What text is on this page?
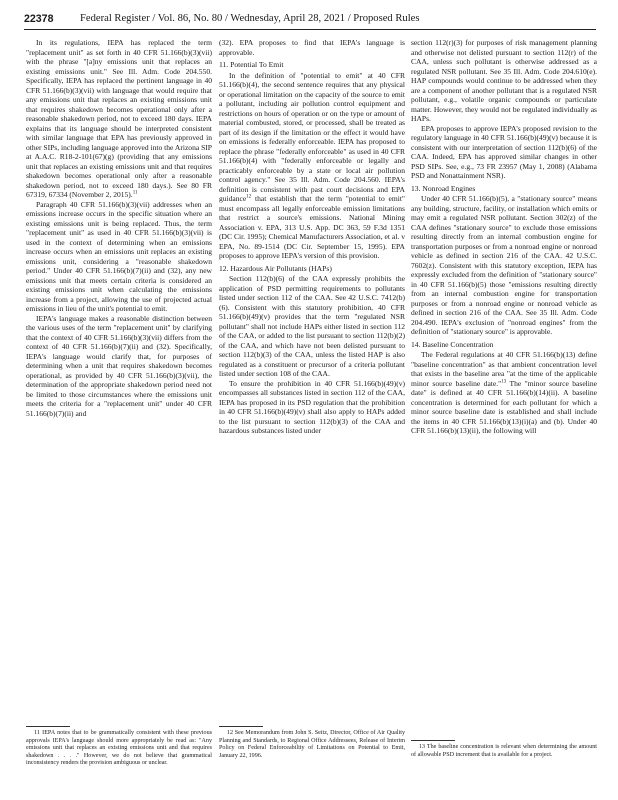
22378	Federal Register / Vol. 86, No. 80 / Wednesday, April 28, 2021 / Proposed Rules

In its regulations, IEPA has replaced the term "replacement unit" as set forth in 40 CFR 51.166(b)(3)(vii) with the phrase "[a]ny emissions unit that replaces an existing emissions unit." See Ill. Adm. Code 204.550. Specifically, IEPA has replaced the pertinent language in 40 CFR 51.166(b)(3)(vii) with language that would require that any emissions unit that replaces an existing emissions unit that requires shakedown becomes operational only after a reasonable shakedown period, not to exceed 180 days. IEPA explains that its language should be interpreted consistent with similar language that EPA has previously approved in other SIPs, including language approved into the Arizona SIP at A.A.C. R18-2-101(67)(g) (providing that any emissions unit that replaces an existing emissions unit and that requires shakedown becomes operational only after a reasonable shakedown period, not to exceed 180 days.). See 80 FR 67319, 67334 (November 2, 2015).$^{11}$

Paragraph 40 CFR 51.166(b)(3)(vii) addresses when an emissions increase occurs in the specific situation where an existing emissions unit is being replaced. Thus, the term "replacement unit" as used in 40 CFR 51.166(b)(3)(vii) is used in the context of determining when an emissions increase occurs when an emissions unit replaces an existing emissions unit, considering a "reasonable shakedown period." Under 40 CFR 51.166(b)(7)(ii) and (32), any new emissions unit that meets certain criteria is considered an existing emissions unit when calculating the emissions increase from a project, allowing the use of projected actual emissions in lieu of the unit's potential to emit.

IEPA's language makes a reasonable distinction between the various uses of the term "replacement unit" by clarifying that the context of 40 CFR 51.166(b)(3)(vii) differs from the context of 40 CFR 51.166(b)(7)(ii) and (32). Specifically, IEPA's language would clarify that, for purposes of determining when a unit that requires shakedown becomes operational, as provided by 40 CFR 51.166(b)(3)(vii), the determination of the appropriate shakedown period need not be limited to those circumstances where the emissions unit meets the criteria for a "replacement unit" under 40 CFR 51.166(b)(7)(ii) and

(32). EPA proposes to find that IEPA's language is approvable.

11. Potential To Emit

In the definition of "potential to emit" at 40 CFR 51.166(b)(4), the second sentence requires that any physical or operational limitation on the capacity of the source to emit a pollutant, including air pollution control equipment and restrictions on hours of operation or on the type or amount of material combusted, stored, or processed, shall be treated as part of its design if the limitation or the effect it would have on emissions is federally enforceable. IEPA has proposed to replace the phrase "federally enforceable" as used in 40 CFR 51.166(b)(4) with "federally enforceable or legally and practicably enforceable by a state or local air pollution control agency." See 35 Ill. Adm. Code 204.560. IEPA's definition is consistent with past court decisions and EPA guidance$^{12}$ that establish that the term "potential to emit" must encompass all legally enforceable emission limitations that restrict a source's emissions. National Mining Association v. EPA, 313 U.S. App. DC 363, 59 F.3d 1351 (DC Cir. 1995); Chemical Manufacturers Association, et al. v EPA, No. 89-1514 (DC Cir. September 15, 1995). EPA proposes to approve IEPA's version of this provision.

12. Hazardous Air Pollutants (HAPs)

Section 112(b)(6) of the CAA expressly prohibits the application of PSD permitting requirements to pollutants listed under section 112 of the CAA. See 42 U.S.C. 7412(b)(6). Consistent with this statutory prohibition, 40 CFR 51.166(b)(49)(v) provides that the term "regulated NSR pollutant" shall not include HAPs either listed in section 112 of the CAA, or added to the list pursuant to section 112(b)(2) of the CAA, and which have not been delisted pursuant to section 112(b)(3) of the CAA, unless the listed HAP is also regulated as a constituent or precursor of a criteria pollutant listed under section 108 of the CAA.

To ensure the prohibition in 40 CFR 51.166(b)(49)(v) encompasses all substances listed in section 112 of the CAA, IEPA has proposed in its PSD regulation that the prohibition in 40 CFR 51.166(b)(49)(v) shall also apply to HAPs added to the list pursuant to section 112(b)(3) of the CAA and hazardous substances listed under

section 112(r)(3) for purposes of risk management planning and otherwise not delisted pursuant to section 112(r) of the CAA, unless such pollutant is otherwise addressed as a regulated NSR pollutant. See 35 Ill. Adm. Code 204.610(e). HAP compounds would continue to be addressed when they are a component of another pollutant that is a regulated NSR pollutant, e.g., volatile organic compounds or particulate matter. However, they would not be regulated individually as HAPs.

EPA proposes to approve IEPA's proposed revision to the regulatory language in 40 CFR 51.166(b)(49)(v) because it is consistent with our interpretation of section 112(b)(6) of the CAA. Indeed, EPA has approved similar changes in other PSD SIPs. See, e.g., 73 FR 23957 (May 1, 2008) (Alabama PSD and Nonattainment NSR).

13. Nonroad Engines

Under 40 CFR 51.166(b)(5), a "stationary source" means any building, structure, facility, or installation which emits or may emit a regulated NSR pollutant. Section 302(z) of the CAA defines "stationary source" to exclude those emissions resulting directly from an internal combustion engine for transportation purposes or from a nonroad engine or nonroad vehicle as defined in section 216 of the CAA. 42 U.S.C. 7602(z). Consistent with this statutory exception, IEPA has expressly excluded from the definition of "stationary source" in 40 CFR 51.166(b)(5) those "emissions resulting directly from an internal combustion engine for transportation purposes or from a nonroad engine or nonroad vehicle as defined in section 216 of the CAA. See 35 Ill. Adm. Code 204.490. IEPA's exclusion of "nonroad engines" from the definition of "stationary source" is approvable.

14. Baseline Concentration

The Federal regulations at 40 CFR 51.166(b)(13) define "baseline concentration" as that ambient concentration level that exists in the baseline area "at the time of the applicable minor source baseline date."$^{13}$ The "minor source baseline date" is defined at 40 CFR 51.166(b)(14)(ii). A baseline concentration is determined for each pollutant for which a minor source baseline date is established and shall include the items in 40 CFR 51.166(b)(13)(i)(a) and (b). Under 40 CFR 51.166(b)(13)(ii), the following will

11 IEPA notes that to be grammatically consistent with these previous approvals IEPA's language should more appropriately be read as: "Any emissions unit that replaces an existing emissions unit and that requires shakedown . . . ." However, we do not believe that grammatical inconsistency renders the provision ambiguous or unclear.

12 See Memorandum from John S. Seitz, Director, Office of Air Quality Planning and Standards, to Regional Office Addressees, Release of Interim Policy on Federal Enforceability of Limitations on Potential to Emit, January 22, 1996.

13 The baseline concentration is relevant when determining the amount of allowable PSD increment that is available for a project.
